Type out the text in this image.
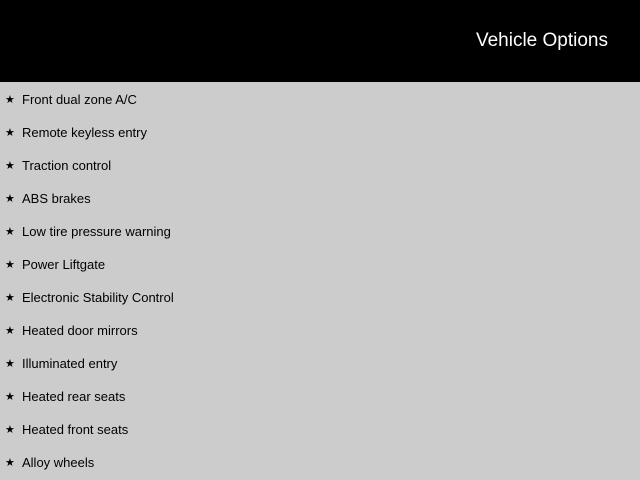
Vehicle Options
★ Front dual zone A/C
★ Remote keyless entry
★ Traction control
★ ABS brakes
★ Low tire pressure warning
★ Power Liftgate
★ Electronic Stability Control
★ Heated door mirrors
★ Illuminated entry
★ Heated rear seats
★ Heated front seats
★ Alloy wheels
